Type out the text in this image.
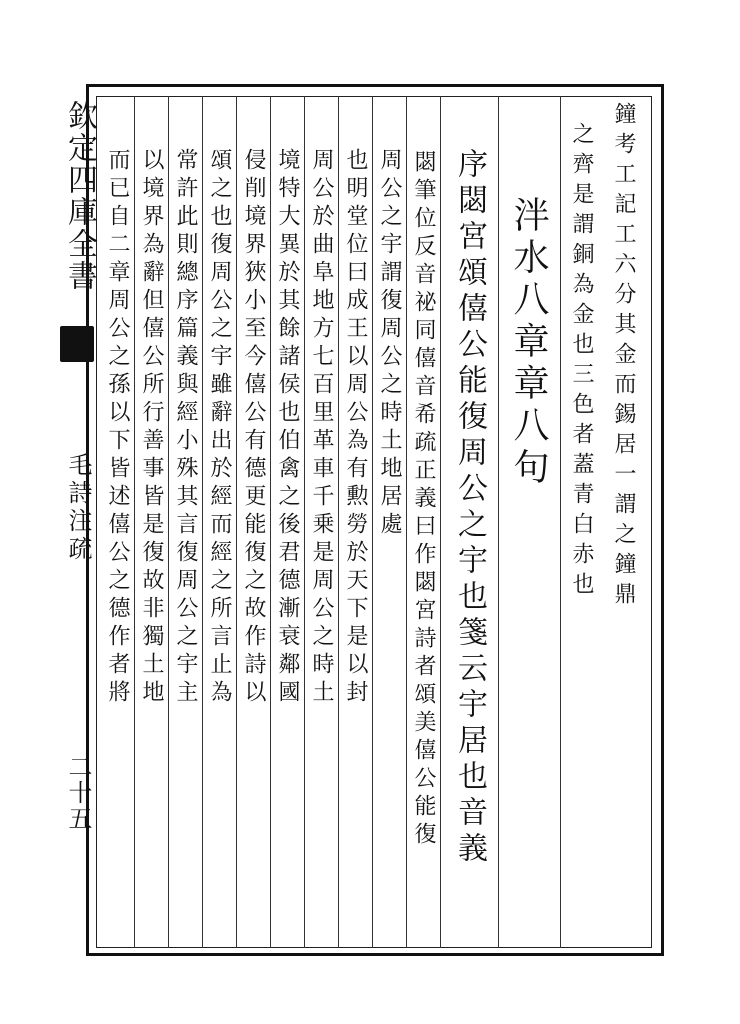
欽定四庫全書
毛詩注疏
二十五
鐘考工記工六分其金而錫居一謂之鐘鼎
之齊是謂銅為金也三色者蓋青白赤也
泮水八章章八句
序閟宮頌僖公能復周公之宇也箋云宇居也音義
閟筆位反音祕同僖音希疏正義曰作閟宮詩者頌美僖公能復
周公之宇謂復周公之時土地居處
也明堂位曰成王以周公為有勲勞於天下是以封
周公於曲阜地方七百里革車千乗是周公之時土
境特大異於其餘諸侯也伯禽之後君德漸衰鄰國
侵削境界狹小至今僖公有德更能復之故作詩以
頌之也復周公之宇雖辭出於經而經之所言止為
常許此則總序篇義與經小殊其言復周公之宇主
以境界為辭但僖公所行善事皆是復故非獨土地
而已自二章周公之孫以下皆述僖公之德作者將
